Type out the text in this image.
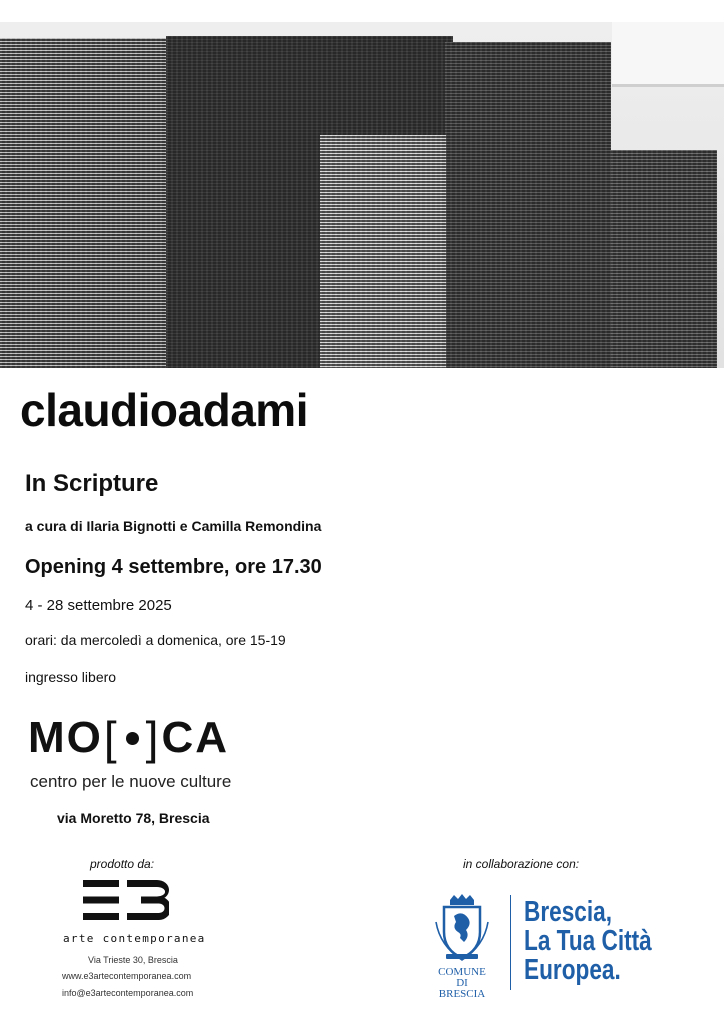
claudioadami
In Scripture

a cura di Ilaria Bignotti e Camilla Remondina

Opening 4 settembre, ore 17.30

4 - 28 settembre 2025

orari: da mercoledì a domenica, ore 15-19

ingresso libero

MO [ ] CA

centro per le nuove culture

via Moretto 78, Brescia

prodotto da:
arte contemporanea
Via Trieste 30, Brescia
www.e3artecontemporanea.com
info@e3artecontemporanea.com
in collaborazione con:
COMUNE DI
BRESCIA
Brescia,
La Tua Città
Europea.
